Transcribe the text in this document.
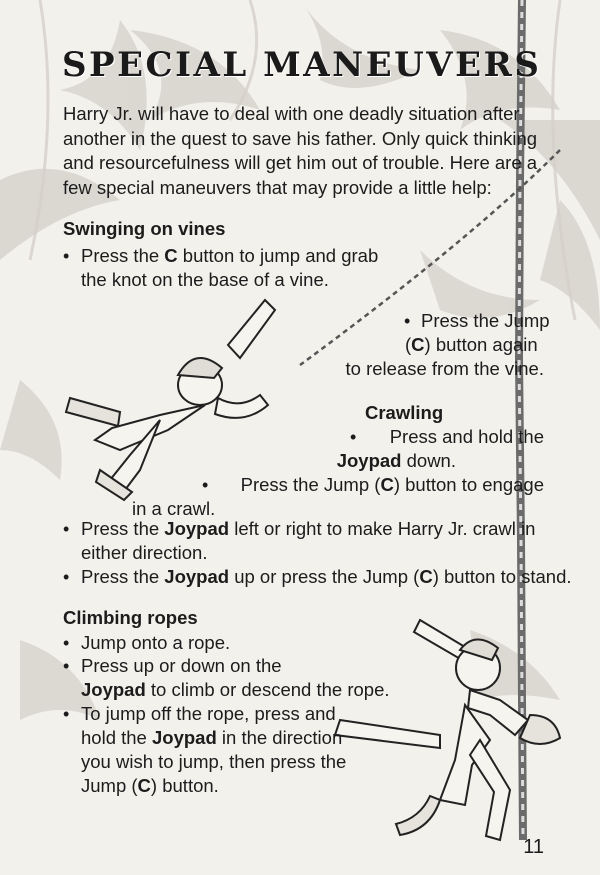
SPECIAL MANEUVERS

Harry Jr. will have to deal with one deadly situation after another in the quest to save his father. Only quick thinking and resourcefulness will get him out of trouble. Here are a few special maneuvers that may provide a little help:

Swinging on vines
• Press the C button to jump and grab

the knot on the base of a vine.

• Press the Jump

(C) button again

to release from the vine.

Crawling
• Press and hold the

Joypad down.

• Press the Jump (C) button to engage

in a crawl.

• Press the Joypad left or right to make Harry Jr. crawl in

either direction.

• Press the Joypad up or press the Jump (C) button to stand.

Climbing ropes
• Jump onto a rope.

• Press up or down on the

Joypad to climb or descend the rope.

• To jump off the rope, press and

hold the Joypad in the direction

you wish to jump, then press the

Jump (C) button.

11
